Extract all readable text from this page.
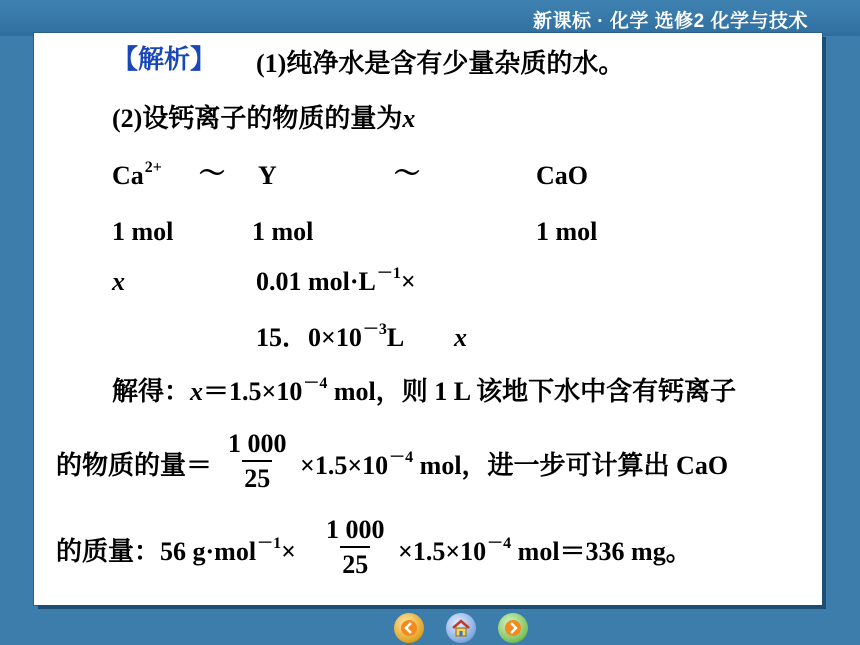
新课标 · 化学 选修2 化学与技术
【解析】 (1)纯净水是含有少量杂质的水。
(2)设钙离子的物质的量为x
$Ca^{2+}$ ～ Y	～	CaO
1 mol	1 mol	1 mol
x	0.01 $mol\cdot L^{-1}\times$
15．$0\times 10^{-3}L$ x
解得：$x=1.5\times 10^{-4}$ mol，则 1 L 该地下水中含有钙离子
的物质的量＝ $\frac{1 000}{25} \times 1.5\times 10^{-4}$ mol，进一步可计算出 CaO
的质量：56 $g\cdot mol^{-1}\times \frac{1 000}{25} \times 1.5\times 10^{-4}$ mol＝336 mg。
